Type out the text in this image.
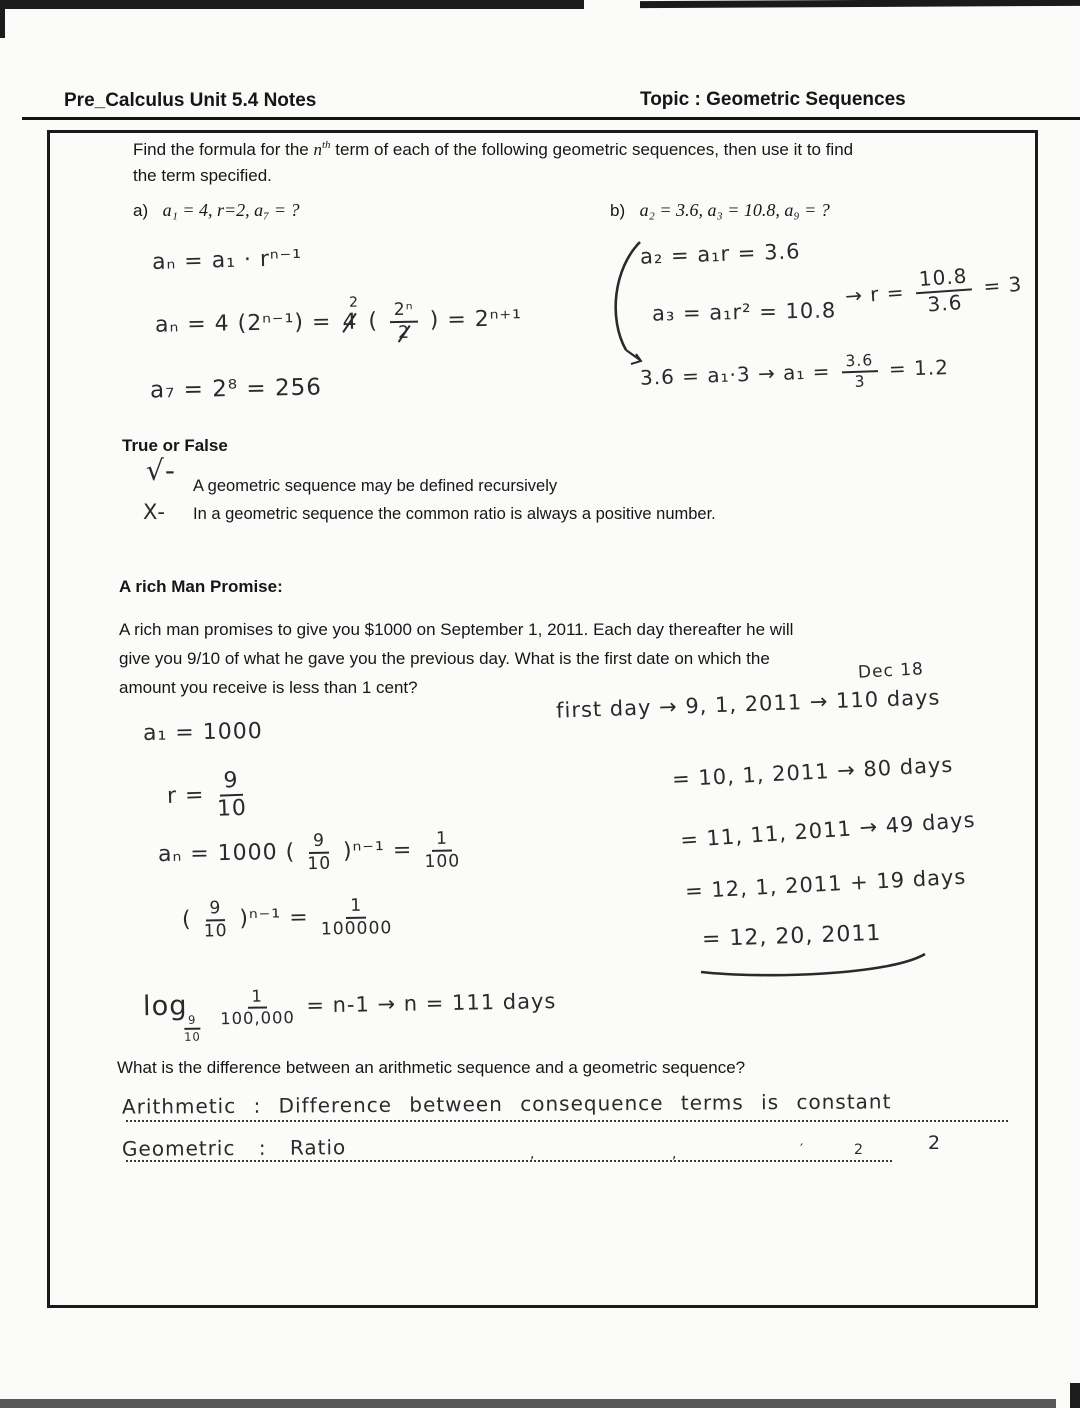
Pre_Calculus Unit 5.4 Notes	Topic : Geometric Sequences
Find the formula for the $n^{th}$ term of each of the following geometric sequences, then use it to find
the term specified.
a) a₁ = 4, r=2, a₇ = ?	b) a₂ = 3.6, a₃ = 10.8, a₉ = ?
aₙ = a₁ · rⁿ⁻¹
aₙ = 4 (2ⁿ⁻¹) = 4
2
( $\frac{\text{2ⁿ}}{2}$ ) = 2ⁿ⁺¹
a₇ = 2⁸ = 256
a₂ = a₁r = 3.6
a₃ = a₁r² = 10.8
→ $r = \frac{10.8}{3.6} = 3$
$3.6 = a_1\cdot 3 \to a_1 = \frac{3.6}{3} = 1.2$
True or False
√- A geometric sequence may be defined recursively
X- In a geometric sequence the common ratio is always a positive number.
A rich Man Promise:
A rich man promises to give you $1000 on September 1, 2011. Each day thereafter he will
give you 9/10 of what he gave you the previous day. What is the first date on which the
amount you receive is less than 1 cent?
Dec 18
first day → 9, 1, 2011 → 110 days
= 10, 1, 2011 → 80 days
= 11, 11, 2011 → 49 days
= 12, 1, 2011 + 19 days
= 12, 20, 2011
a₁ = 1000
$r = \frac{9}{10}$
aₙ = 1000 ( $\frac{9}{10} )^{n-1} = \frac{1}{100}$
( $\frac{9}{10} )^{n-1} = \frac{1}{100000}$
log
$\frac{9}{10}$

$\frac{1}{100,000} = n-1 \to n = 111$ days
What is the difference between an arithmetic sequence and a geometric sequence?
Arithmetic : Difference between consequence terms is constant
Geometric : Ratio	,	,	′	2	2
